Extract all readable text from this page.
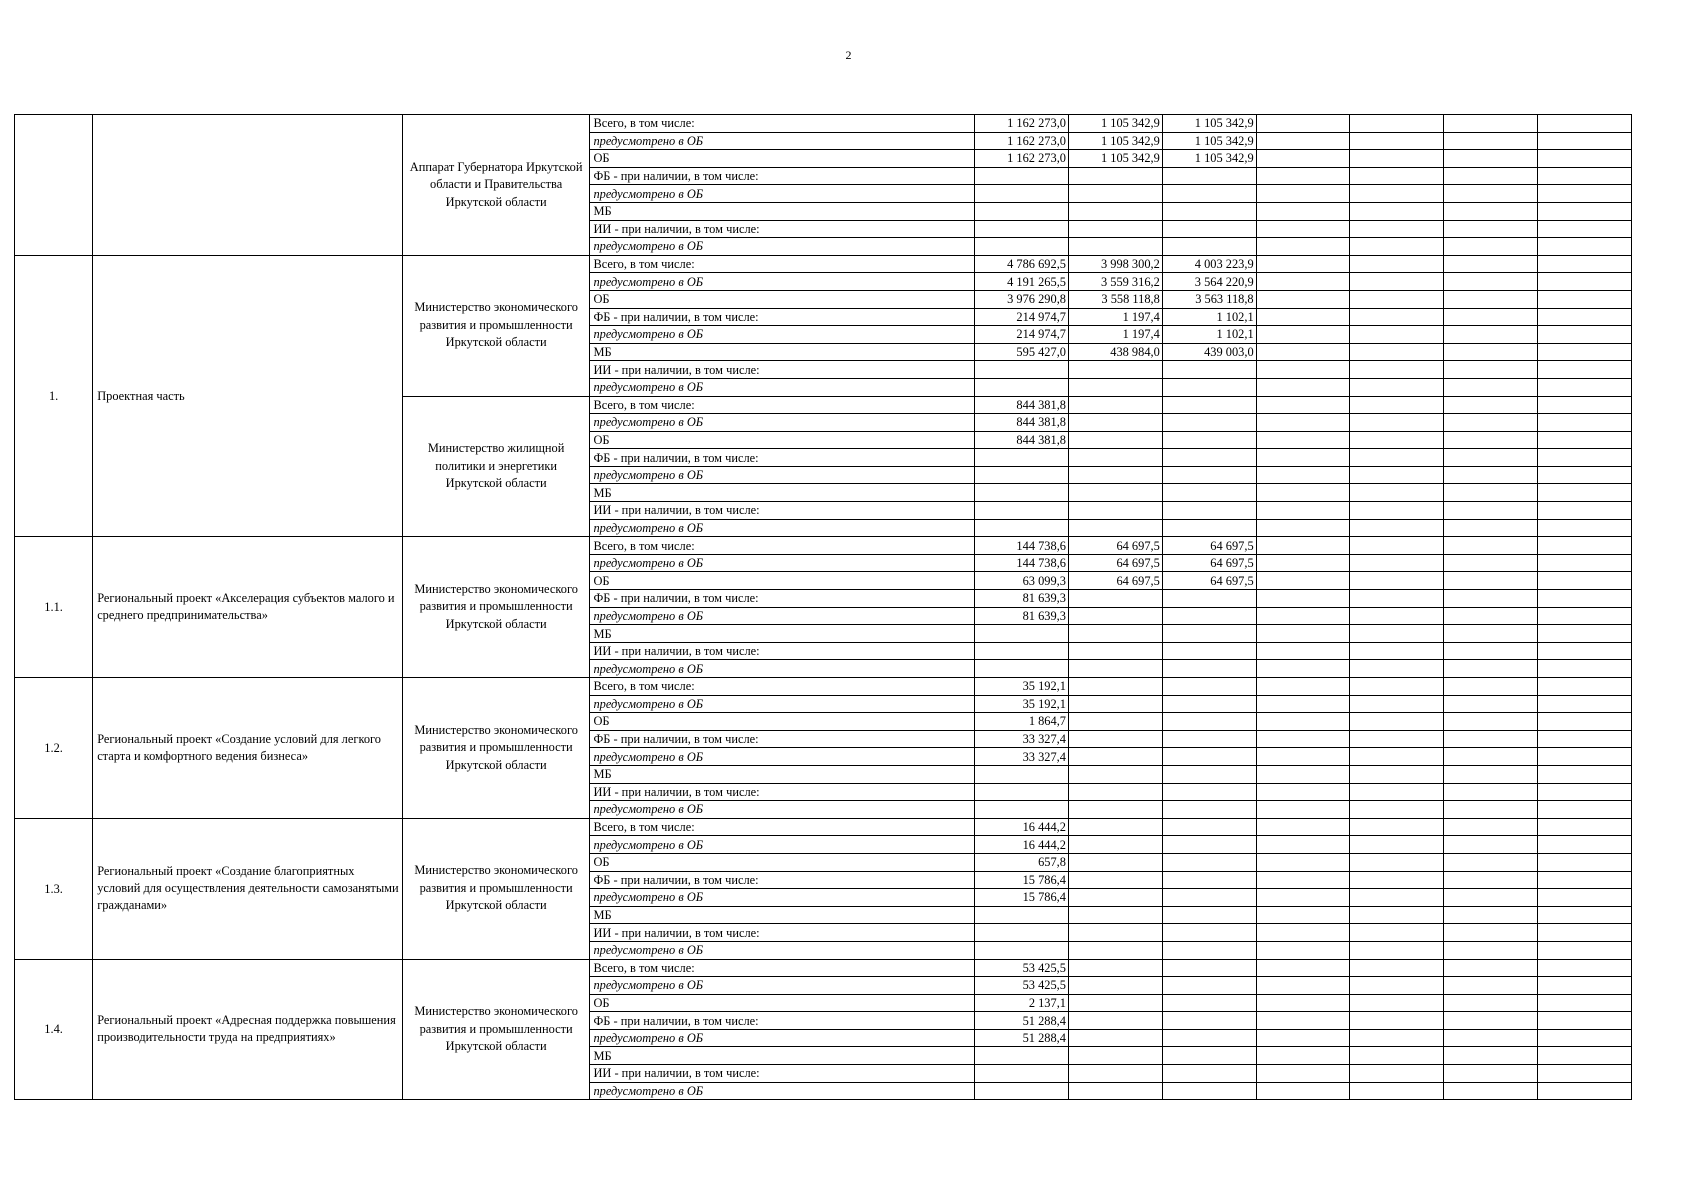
2
		Аппарат Губернатора Иркутской области и Правительства Иркутской области	Всего, в том числе:	1 162 273,0	1 105 342,9	1 105 342,9				
			предусмотрено в ОБ	1 162 273,0	1 105 342,9	1 105 342,9				
			ОБ	1 162 273,0	1 105 342,9	1 105 342,9				
			ФБ - при наличии, в том числе:							
			предусмотрено в ОБ							
			МБ							
			ИИ - при наличии, в том числе:							
			предусмотрено в ОБ							
1.	Проектная часть	Министерство экономического развития и промышленности Иркутской области	Всего, в том числе:	4 786 692,5	3 998 300,2	4 003 223,9				
			предусмотрено в ОБ	4 191 265,5	3 559 316,2	3 564 220,9				
			ОБ	3 976 290,8	3 558 118,8	3 563 118,8				
			ФБ - при наличии, в том числе:	214 974,7	1 197,4	1 102,1				
			предусмотрено в ОБ	214 974,7	1 197,4	1 102,1				
			МБ	595 427,0	438 984,0	439 003,0				
			ИИ - при наличии, в том числе:							
			предусмотрено в ОБ							
		Министерство жилищной политики и энергетики Иркутской области	Всего, в том числе:	844 381,8						
			предусмотрено в ОБ	844 381,8						
			ОБ	844 381,8						
			ФБ - при наличии, в том числе:							
			предусмотрено в ОБ							
			МБ							
			ИИ - при наличии, в том числе:							
			предусмотрено в ОБ							
1.1.	Региональный проект «Акселерация субъектов малого и среднего предпринимательства»	Министерство экономического развития и промышленности Иркутской области	Всего, в том числе:	144 738,6	64 697,5	64 697,5				
			предусмотрено в ОБ	144 738,6	64 697,5	64 697,5				
			ОБ	63 099,3	64 697,5	64 697,5				
			ФБ - при наличии, в том числе:	81 639,3						
			предусмотрено в ОБ	81 639,3						
			МБ							
			ИИ - при наличии, в том числе:							
			предусмотрено в ОБ							
1.2.	Региональный проект «Создание условий для легкого старта и комфортного ведения бизнеса»	Министерство экономического развития и промышленности Иркутской области	Всего, в том числе:	35 192,1						
			предусмотрено в ОБ	35 192,1						
			ОБ	1 864,7						
			ФБ - при наличии, в том числе:	33 327,4						
			предусмотрено в ОБ	33 327,4						
			МБ							
			ИИ - при наличии, в том числе:							
			предусмотрено в ОБ							
1.3.	Региональный проект «Создание благоприятных условий для осуществления деятельности самозанятыми гражданами»	Министерство экономического развития и промышленности Иркутской области	Всего, в том числе:	16 444,2						
			предусмотрено в ОБ	16 444,2						
			ОБ	657,8						
			ФБ - при наличии, в том числе:	15 786,4						
			предусмотрено в ОБ	15 786,4						
			МБ							
			ИИ - при наличии, в том числе:							
			предусмотрено в ОБ							
1.4.	Региональный проект «Адресная поддержка повышения производительности труда на предприятиях»	Министерство экономического развития и промышленности Иркутской области	Всего, в том числе:	53 425,5						
			предусмотрено в ОБ	53 425,5						
			ОБ	2 137,1						
			ФБ - при наличии, в том числе:	51 288,4						
			предусмотрено в ОБ	51 288,4						
			МБ							
			ИИ - при наличии, в том числе:							
			предусмотрено в ОБ							
